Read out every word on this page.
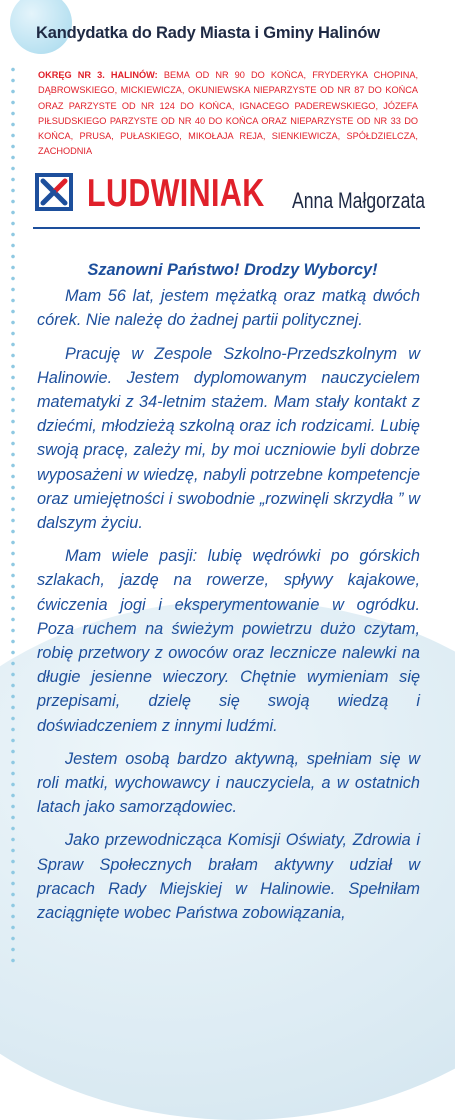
Kandydatka do Rady Miasta i Gminy Halinów
OKRĘG NR 3. HALINÓW: BEMA OD NR 90 DO KOŃCA, FRYDERYKA CHOPINA, DĄBROWSKIEGO, MICKIEWICZA, OKUNIEWSKA NIEPARZYSTE OD NR 87 DO KOŃCA ORAZ PARZYSTE OD NR 124 DO KOŃCA, IGNACEGO PADEREWSKIEGO, JÓZEFA PIŁSUDSKIEGO PARZYSTE OD NR 40 DO KOŃCA ORAZ NIEPARZYSTE OD NR 33 DO KOŃCA, PRUSA, PUŁASKIEGO, MIKOŁAJA REJA, SIENKIEWICZA, SPÓŁDZIELCZA, ZACHODNIA
LUDWINIAK Anna Małgorzata

Szanowni Państwo! Drodzy Wyborcy!

Mam 56 lat, jestem mężatką oraz matką dwóch córek. Nie należę do żadnej partii politycznej.

Pracuję w Zespole Szkolno-Przedszkolnym w Halinowie. Jestem dyplomowanym nauczycielem matematyki z 34-letnim stażem. Mam stały kontakt z dziećmi, młodzieżą szkolną oraz ich rodzicami. Lubię swoją pracę, zależy mi, by moi uczniowie byli dobrze wyposażeni w wiedzę, nabyli potrzebne kompetencje oraz umiejętności i swobodnie „rozwinęli skrzydła ” w dalszym życiu.

Mam wiele pasji: lubię wędrówki po górskich szlakach, jazdę na rowerze, spływy kajakowe, ćwiczenia jogi i eksperymentowanie w ogródku. Poza ruchem na świeżym powietrzu dużo czytam, robię przetwory z owoców oraz lecznicze nalewki na długie jesienne wieczory. Chętnie wymieniam się przepisami, dzielę się swoją wiedzą i doświadczeniem z innymi ludźmi.

Jestem osobą bardzo aktywną, spełniam się w roli matki, wychowawcy i nauczyciela, a w ostatnich latach jako samorządowiec.

Jako przewodnicząca Komisji Oświaty, Zdrowia i Spraw Społecznych brałam aktywny udział w pracach Rady Miejskiej w Halinowie. Spełniłam zaciągnięte wobec Państwa zobowiązania,
